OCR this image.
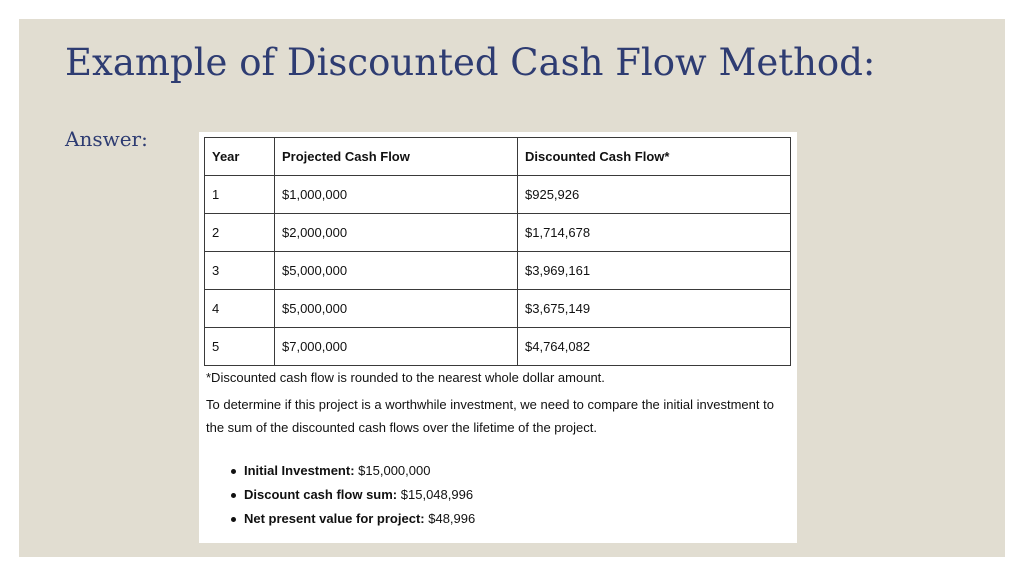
Example of Discounted Cash Flow Method:
Answer:
Year	Projected Cash Flow	Discounted Cash Flow*
1	$1,000,000	$925,926
2	$2,000,000	$1,714,678
3	$5,000,000	$3,969,161
4	$5,000,000	$3,675,149
5	$7,000,000	$4,764,082

*Discounted cash flow is rounded to the nearest whole dollar amount.

To determine if this project is a worthwhile investment, we need to compare the initial investment to the sum of the discounted cash flows over the lifetime of the project.

Initial Investment: $15,000,000
Discount cash flow sum: $15,048,996
Net present value for project: $48,996
